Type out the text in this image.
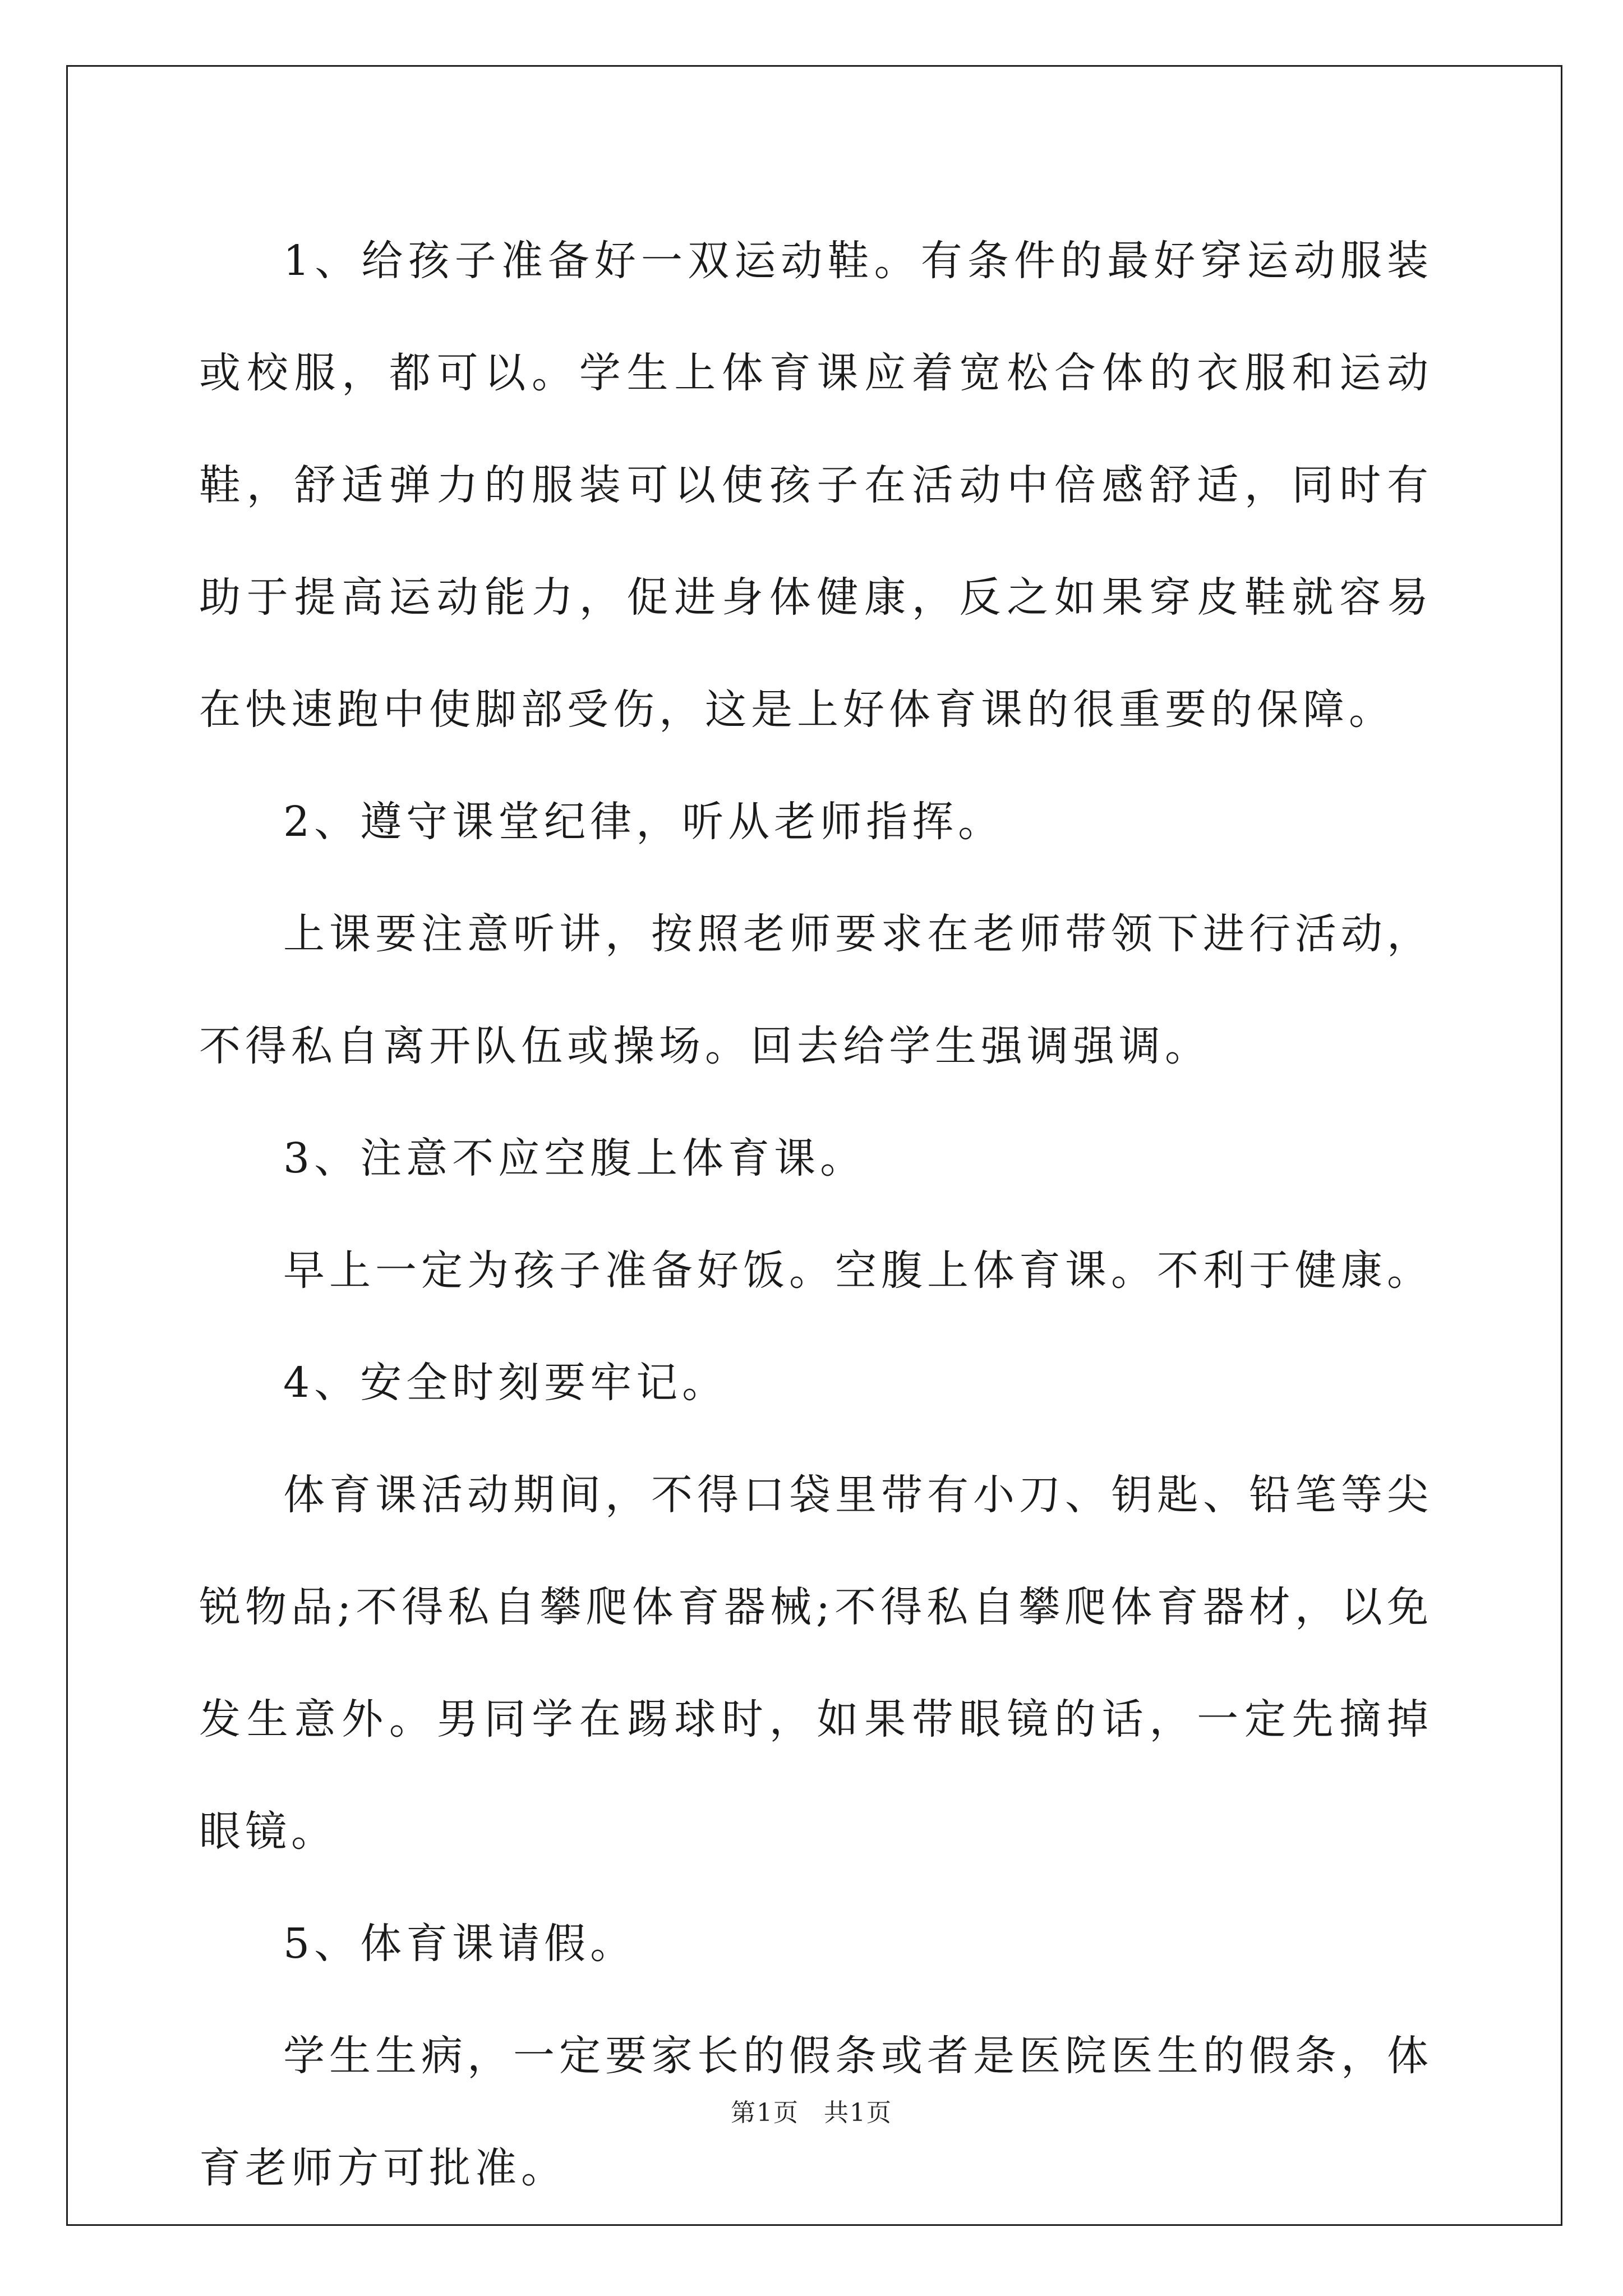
1、给孩子准备好一双运动鞋。有条件的最好穿运动服装或校服，都可以。学生上体育课应着宽松合体的衣服和运动鞋，舒适弹力的服装可以使孩子在活动中倍感舒适，同时有助于提高运动能力，促进身体健康，反之如果穿皮鞋就容易在快速跑中使脚部受伤，这是上好体育课的很重要的保障。

2、遵守课堂纪律，听从老师指挥。

上课要注意听讲，按照老师要求在老师带领下进行活动，不得私自离开队伍或操场。回去给学生强调强调。

3、注意不应空腹上体育课。

早上一定为孩子准备好饭。空腹上体育课。不利于健康。

4、安全时刻要牢记。

体育课活动期间，不得口袋里带有小刀、钥匙、铅笔等尖锐物品;不得私自攀爬体育器械;不得私自攀爬体育器材，以免发生意外。男同学在踢球时，如果带眼镜的话，一定先摘掉眼镜。

5、体育课请假。

学生生病，一定要家长的假条或者是医院医生的假条，体育老师方可批准。

第1页 共1页
